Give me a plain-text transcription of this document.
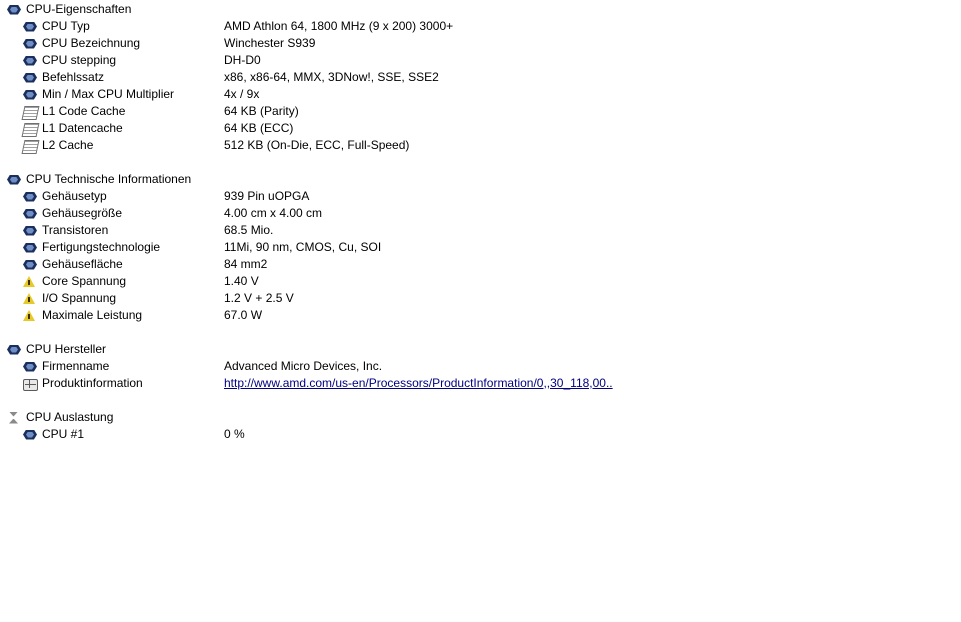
CPU-Eigenschaften
CPU Typ	AMD Athlon 64, 1800 MHz (9 x 200) 3000+
CPU Bezeichnung	Winchester S939
CPU stepping	DH-D0
Befehlssatz	x86, x86-64, MMX, 3DNow!, SSE, SSE2
Min / Max CPU Multiplier	4x / 9x
L1 Code Cache	64 KB (Parity)
L1 Datencache	64 KB (ECC)
L2 Cache	512 KB (On-Die, ECC, Full-Speed)
CPU Technische Informationen
Gehäusetyp	939 Pin uOPGA
Gehäusegröße	4.00 cm x 4.00 cm
Transistoren	68.5 Mio.
Fertigungstechnologie	11Mi, 90 nm, CMOS, Cu, SOI
Gehäusefläche	84 mm2
Core Spannung	1.40 V
I/O Spannung	1.2 V + 2.5 V
Maximale Leistung	67.0 W
CPU Hersteller
Firmenname	Advanced Micro Devices, Inc.
Produktinformation	http://www.amd.com/us-en/Processors/ProductInformation/0,,30_118,00..
CPU Auslastung
CPU #1	0 %
